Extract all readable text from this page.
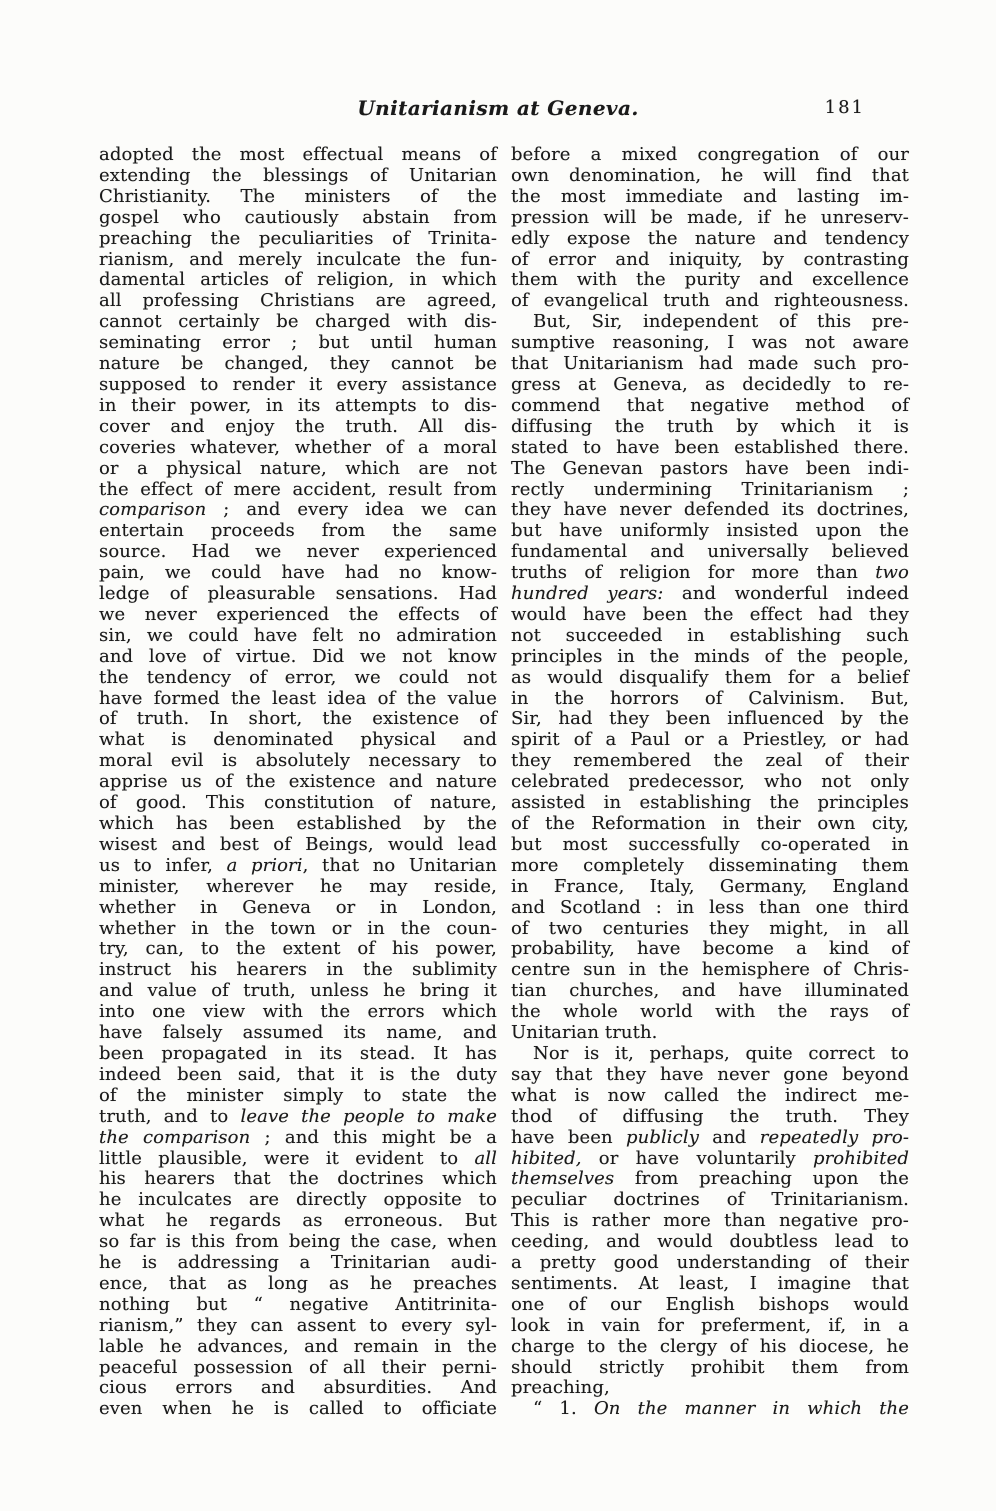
Unitarianism at Geneva.	181
adopted the most effectual means of
extending the blessings of Unitarian
Christianity. The ministers of the
gospel who cautiously abstain from
preaching the peculiarities of Trinita-
rianism, and merely inculcate the fun-
damental articles of religion, in which
all professing Christians are agreed,
cannot certainly be charged with dis-
seminating error ; but until human
nature be changed, they cannot be
supposed to render it every assistance
in their power, in its attempts to dis-
cover and enjoy the truth. All dis-
coveries whatever, whether of a moral
or a physical nature, which are not
the effect of mere accident, result from
comparison ; and every idea we can
entertain proceeds from the same
source. Had we never experienced
pain, we could have had no know-
ledge of pleasurable sensations. Had
we never experienced the effects of
sin, we could have felt no admiration
and love of virtue. Did we not know
the tendency of error, we could not
have formed the least idea of the value
of truth. In short, the existence of
what is denominated physical and
moral evil is absolutely necessary to
apprise us of the existence and nature
of good. This constitution of nature,
which has been established by the
wisest and best of Beings, would lead
us to infer, a priori, that no Unitarian
minister, wherever he may reside,
whether in Geneva or in London,
whether in the town or in the coun-
try, can, to the extent of his power,
instruct his hearers in the sublimity
and value of truth, unless he bring it
into one view with the errors which
have falsely assumed its name, and
been propagated in its stead. It has
indeed been said, that it is the duty
of the minister simply to state the
truth, and to leave the people to make
the comparison ; and this might be a
little plausible, were it evident to all
his hearers that the doctrines which
he inculcates are directly opposite to
what he regards as erroneous. But
so far is this from being the case, when
he is addressing a Trinitarian audi-
ence, that as long as he preaches
nothing but “ negative Antitrinita-
rianism,” they can assent to every syl-
lable he advances, and remain in the
peaceful possession of all their perni-
cious errors and absurdities. And
even when he is called to officiate
before a mixed congregation of our
own denomination, he will find that
the most immediate and lasting im-
pression will be made, if he unreserv-
edly expose the nature and tendency
of error and iniquity, by contrasting
them with the purity and excellence
of evangelical truth and righteousness.
But, Sir, independent of this pre-
sumptive reasoning, I was not aware
that Unitarianism had made such pro-
gress at Geneva, as decidedly to re-
commend that negative method of
diffusing the truth by which it is
stated to have been established there.
The Genevan pastors have been indi-
rectly undermining Trinitarianism ;
they have never defended its doctrines,
but have uniformly insisted upon the
fundamental and universally believed
truths of religion for more than two
hundred years: and wonderful indeed
would have been the effect had they
not succeeded in establishing such
principles in the minds of the people,
as would disqualify them for a belief
in the horrors of Calvinism. But,
Sir, had they been influenced by the
spirit of a Paul or a Priestley, or had
they remembered the zeal of their
celebrated predecessor, who not only
assisted in establishing the principles
of the Reformation in their own city,
but most successfully co-operated in
more completely disseminating them
in France, Italy, Germany, England
and Scotland : in less than one third
of two centuries they might, in all
probability, have become a kind of
centre sun in the hemisphere of Chris-
tian churches, and have illuminated
the whole world with the rays of
Unitarian truth.
Nor is it, perhaps, quite correct to
say that they have never gone beyond
what is now called the indirect me-
thod of diffusing the truth. They
have been publicly and repeatedly pro-
hibited, or have voluntarily prohibited
themselves from preaching upon the
peculiar doctrines of Trinitarianism.
This is rather more than negative pro-
ceeding, and would doubtless lead to
a pretty good understanding of their
sentiments. At least, I imagine that
one of our English bishops would
look in vain for preferment, if, in a
charge to the clergy of his diocese, he
should strictly prohibit them from
preaching,
“ 1. On the manner in which the
